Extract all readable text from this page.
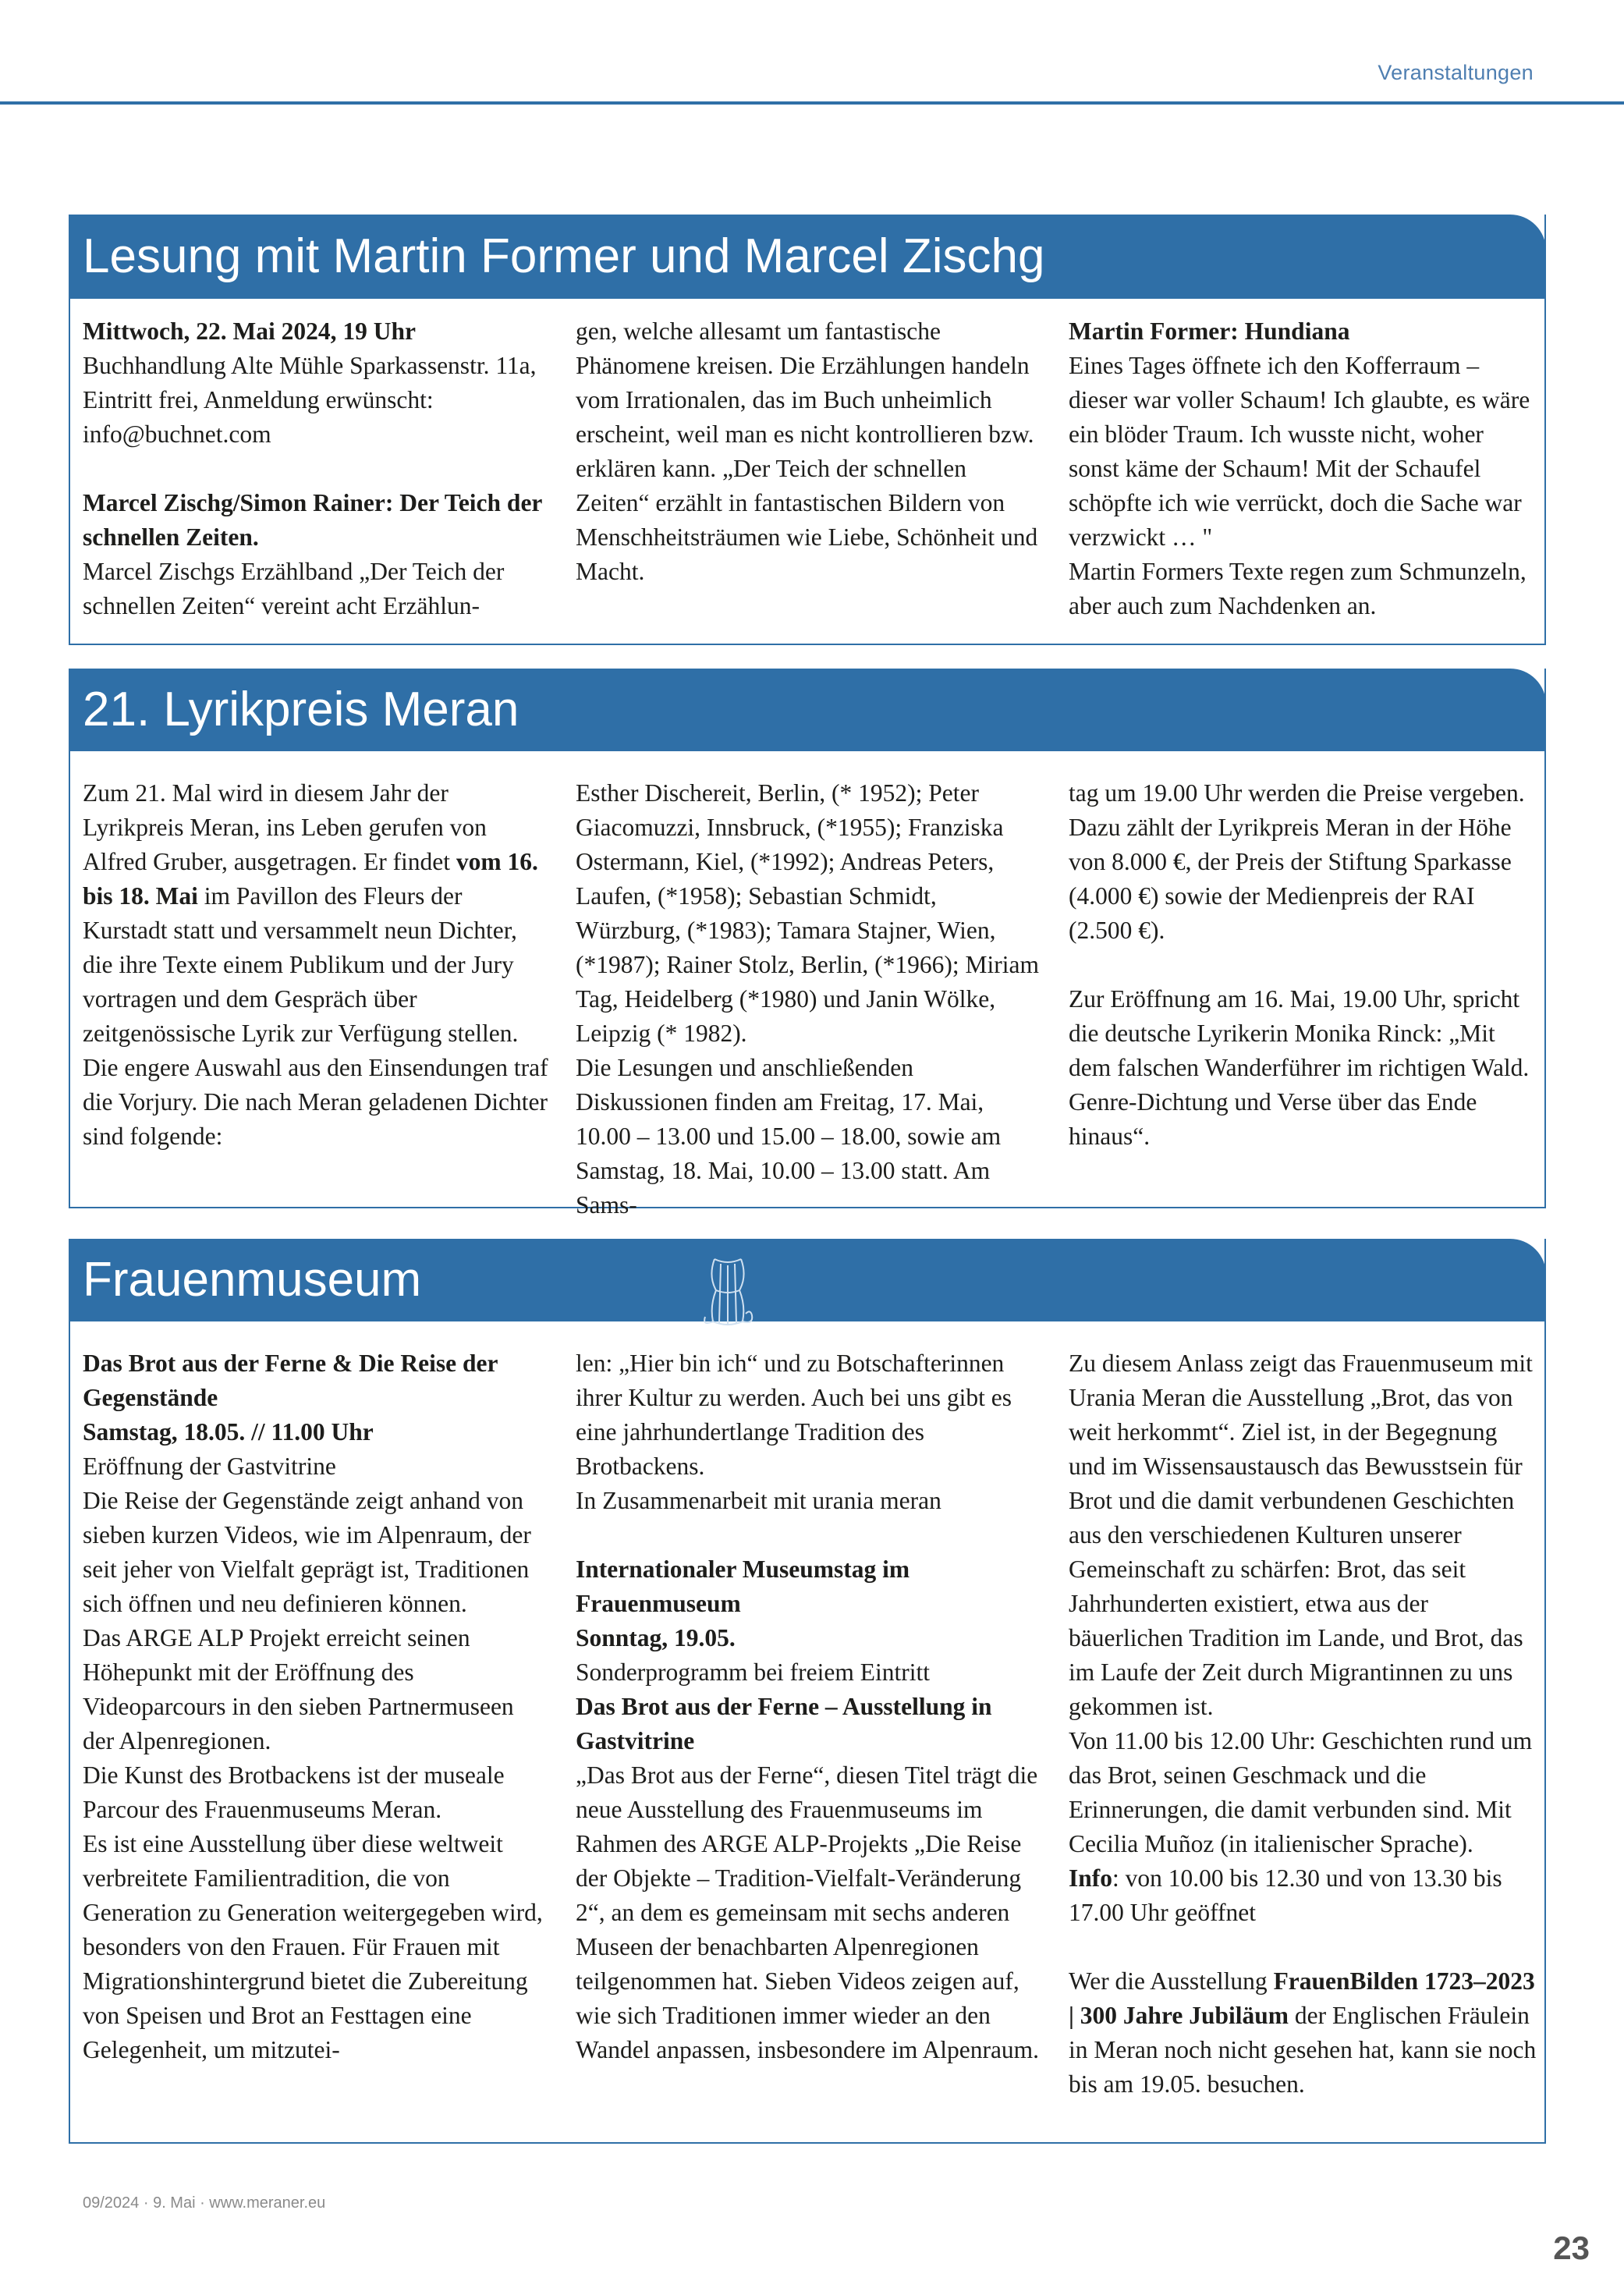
Veranstaltungen
Lesung mit Martin Former und Marcel Zischg

Mittwoch, 22. Mai 2024, 19 Uhr

Buchhandlung Alte Mühle Sparkassenstr. 11a, Eintritt frei, Anmeldung erwünscht: info@buchnet.com

Marcel Zischg/Simon Rainer: Der Teich der schnellen Zeiten.

Marcel Zischgs Erzählband „Der Teich der schnellen Zeiten“ vereint acht Erzählun-

gen, welche allesamt um fantastische Phänomene kreisen. Die Erzählungen handeln vom Irrationalen, das im Buch unheimlich erscheint, weil man es nicht kontrollieren bzw. erklären kann. „Der Teich der schnellen Zeiten“ erzählt in fantastischen Bildern von Menschheitsträumen wie Liebe, Schönheit und Macht.

Martin Former: Hundiana

Eines Tages öffnete ich den Kofferraum – dieser war voller Schaum! Ich glaubte, es wäre ein blöder Traum. Ich wusste nicht, woher sonst käme der Schaum! Mit der Schaufel schöpfte ich wie verrückt, doch die Sache war verzwickt … "

Martin Formers Texte regen zum Schmunzeln, aber auch zum Nachdenken an.

21. Lyrikpreis Meran

Zum 21. Mal wird in diesem Jahr der Lyrikpreis Meran, ins Leben gerufen von Alfred Gruber, ausgetragen. Er findet vom 16. bis 18. Mai im Pavillon des Fleurs der Kurstadt statt und versammelt neun Dichter, die ihre Texte einem Publikum und der Jury vortragen und dem Gespräch über zeitgenössische Lyrik zur Verfügung stellen.

Die engere Auswahl aus den Einsendungen traf die Vorjury. Die nach Meran geladenen Dichter sind folgende:

Esther Dischereit, Berlin, (* 1952); Peter Giacomuzzi, Innsbruck, (*1955); Franziska Ostermann, Kiel, (*1992); Andreas Peters, Laufen, (*1958); Sebastian Schmidt, Würzburg, (*1983); Tamara Stajner, Wien, (*1987); Rainer Stolz, Berlin, (*1966); Miriam Tag, Heidelberg (*1980) und Janin Wölke, Leipzig (* 1982).

Die Lesungen und anschließenden Diskussionen finden am Freitag, 17. Mai, 10.00 – 13.00 und 15.00 – 18.00, sowie am Samstag, 18. Mai, 10.00 – 13.00 statt. Am Sams-

tag um 19.00 Uhr werden die Preise vergeben. Dazu zählt der Lyrikpreis Meran in der Höhe von 8.000 €, der Preis der Stiftung Sparkasse (4.000 €) sowie der Medienpreis der RAI (2.500 €).

Zur Eröffnung am 16. Mai, 19.00 Uhr, spricht die deutsche Lyrikerin Monika Rinck: „Mit dem falschen Wanderführer im richtigen Wald. Genre-Dichtung und Verse über das Ende hinaus“.

Frauenmuseum

Das Brot aus der Ferne & Die Reise der Gegenstände

Samstag, 18.05. // 11.00 Uhr

Eröffnung der Gastvitrine

Die Reise der Gegenstände zeigt anhand von sieben kurzen Videos, wie im Alpenraum, der seit jeher von Vielfalt geprägt ist, Traditionen sich öffnen und neu definieren können.

Das ARGE ALP Projekt erreicht seinen Höhepunkt mit der Eröffnung des Videoparcours in den sieben Partnermuseen der Alpenregionen.

Die Kunst des Brotbackens ist der museale Parcour des Frauenmuseums Meran.

Es ist eine Ausstellung über diese weltweit verbreitete Familientradition, die von Generation zu Generation weitergegeben wird, besonders von den Frauen. Für Frauen mit Migrationshintergrund bietet die Zubereitung von Speisen und Brot an Festtagen eine Gelegenheit, um mitzutei-

len: „Hier bin ich“ und zu Botschafterinnen ihrer Kultur zu werden. Auch bei uns gibt es eine jahrhundertlange Tradition des Brotbackens.

In Zusammenarbeit mit urania meran

Internationaler Museumstag im Frauenmuseum

Sonntag, 19.05.

Sonderprogramm bei freiem Eintritt

Das Brot aus der Ferne – Ausstellung in Gastvitrine

„Das Brot aus der Ferne“, diesen Titel trägt die neue Ausstellung des Frauenmuseums im Rahmen des ARGE ALP-Projekts „Die Reise der Objekte – Tradition-Vielfalt-Veränderung 2“, an dem es gemeinsam mit sechs anderen Museen der benachbarten Alpenregionen teilgenommen hat. Sieben Videos zeigen auf, wie sich Traditionen immer wieder an den Wandel anpassen, insbesondere im Alpenraum.

Zu diesem Anlass zeigt das Frauenmuseum mit Urania Meran die Ausstellung „Brot, das von weit herkommt“. Ziel ist, in der Begegnung und im Wissensaustausch das Bewusstsein für Brot und die damit verbundenen Geschichten aus den verschiedenen Kulturen unserer Gemeinschaft zu schärfen: Brot, das seit Jahrhunderten existiert, etwa aus der bäuerlichen Tradition im Lande, und Brot, das im Laufe der Zeit durch Migrantinnen zu uns gekommen ist.

Von 11.00 bis 12.00 Uhr: Geschichten rund um das Brot, seinen Geschmack und die Erinnerungen, die damit verbunden sind. Mit Cecilia Muñoz (in italienischer Sprache).

Info: von 10.00 bis 12.30 und von 13.30 bis 17.00 Uhr geöffnet

Wer die Ausstellung FrauenBilden 1723–2023 | 300 Jahre Jubiläum der Englischen Fräulein in Meran noch nicht gesehen hat, kann sie noch bis am 19.05. besuchen.

09/2024 · 9. Mai · www.meraner.eu
23
